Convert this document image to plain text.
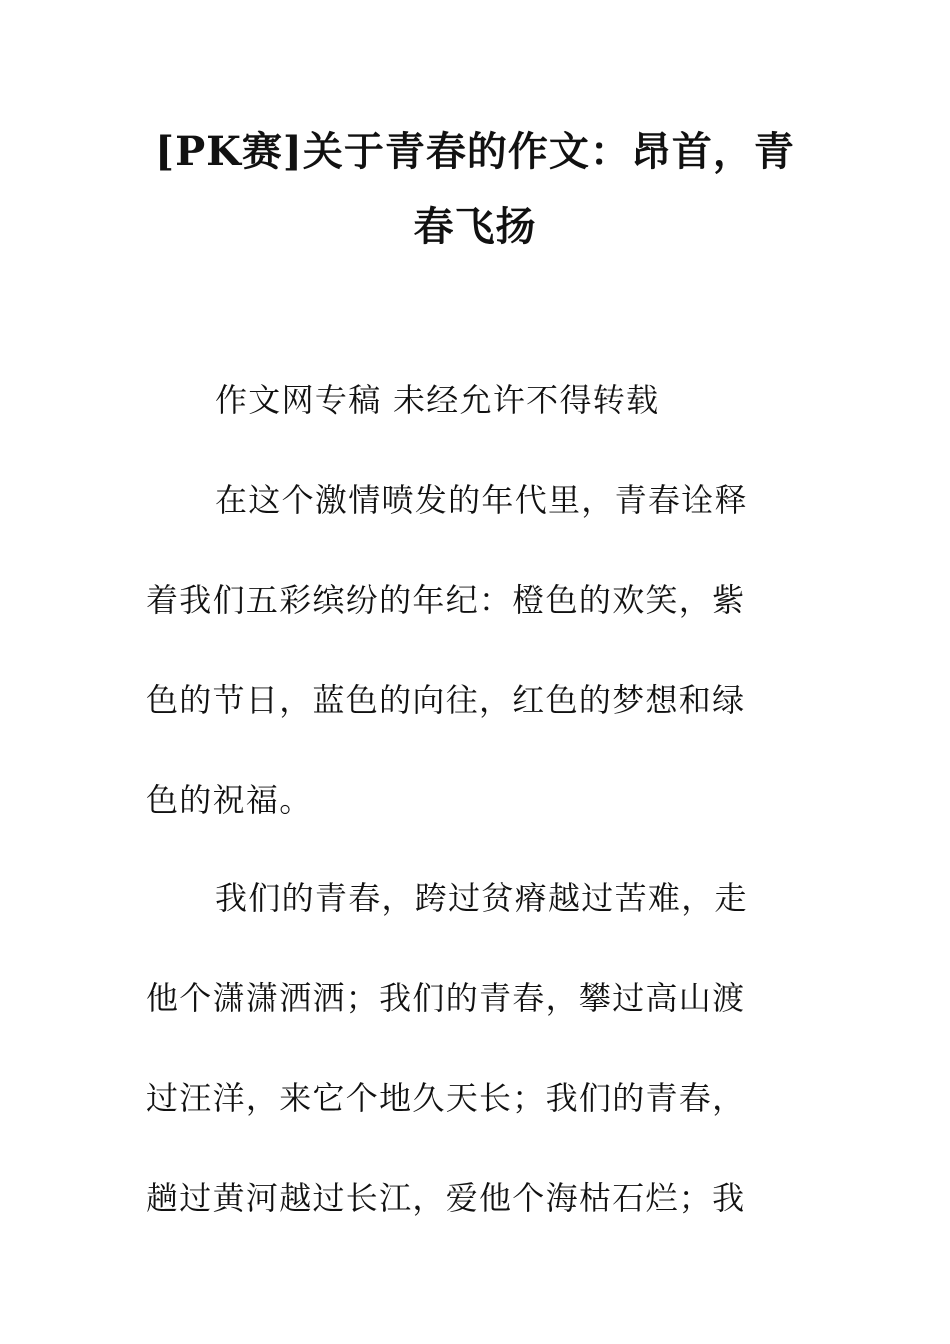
[PK赛]关于青春的作文：昂首，青
春飞扬

作文网专稿 未经允许不得转载

在这个激情喷发的年代里，青春诠释

着我们五彩缤纷的年纪：橙色的欢笑，紫

色的节日，蓝色的向往，红色的梦想和绿

色的祝福。

我们的青春，跨过贫瘠越过苦难，走

他个潇潇洒洒；我们的青春，攀过高山渡

过汪洋，来它个地久天长；我们的青春，

趟过黄河越过长江，爱他个海枯石烂；我
